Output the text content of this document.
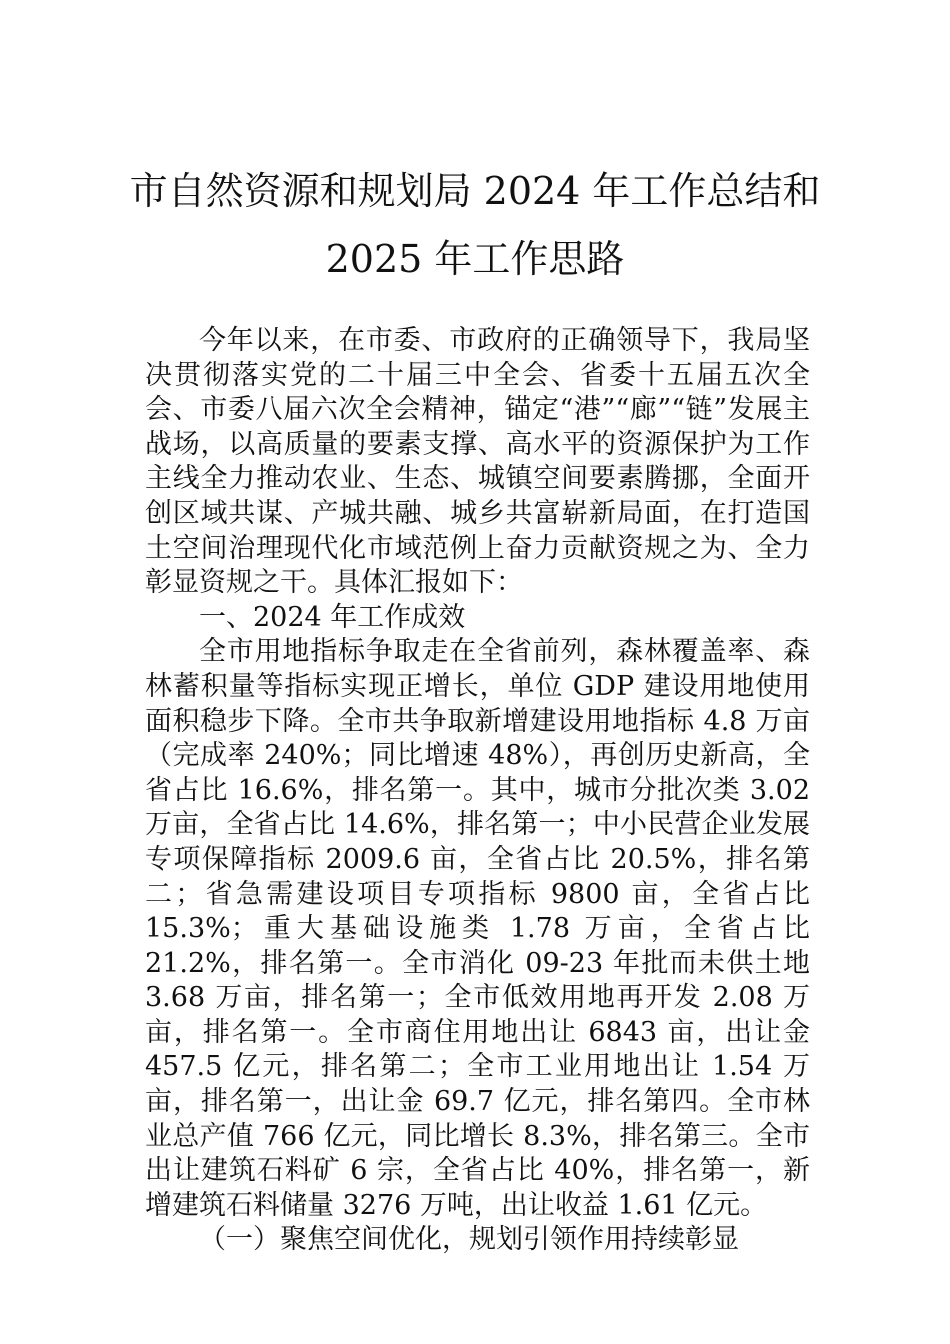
市自然资源和规划局 2024 年工作总结和
2025 年工作思路

今年以来，在市委、市政府的正确领导下，我局坚决贯彻落实党的二十届三中全会、省委十五届五次全会、市委八届六次全会精神，锚定“港”“廊”“链”发展主战场，以高质量的要素支撑、高水平的资源保护为工作主线全力推动农业、生态、城镇空间要素腾挪，全面开创区域共谋、产城共融、城乡共富崭新局面，在打造国土空间治理现代化市域范例上奋力贡献资规之为、全力彰显资规之干。具体汇报如下：

一、2024 年工作成效

全市用地指标争取走在全省前列，森林覆盖率、森林蓄积量等指标实现正增长，单位 GDP 建设用地使用面积稳步下降。全市共争取新增建设用地指标 4.8 万亩（完成率 240%；同比增速 48%），再创历史新高，全省占比 16.6%，排名第一。其中，城市分批次类 3.02 万亩，全省占比 14.6%，排名第一；中小民营企业发展专项保障指标 2009.6 亩，全省占比 20.5%，排名第二；省急需建设项目专项指标 9800 亩，全省占比 15.3%；重大基础设施类 1.78 万亩，全省占比 21.2%，排名第一。全市消化 09-23 年批而未供土地 3.68 万亩，排名第一；全市低效用地再开发 2.08 万亩，排名第一。全市商住用地出让 6843 亩，出让金 457.5 亿元，排名第二；全市工业用地出让 1.54 万亩，排名第一，出让金 69.7 亿元，排名第四。全市林业总产值 766 亿元，同比增长 8.3%，排名第三。全市出让建筑石料矿 6 宗，全省占比 40%，排名第一，新增建筑石料储量 3276 万吨，出让收益 1.61 亿元。

（一）聚焦空间优化，规划引领作用持续彰显
